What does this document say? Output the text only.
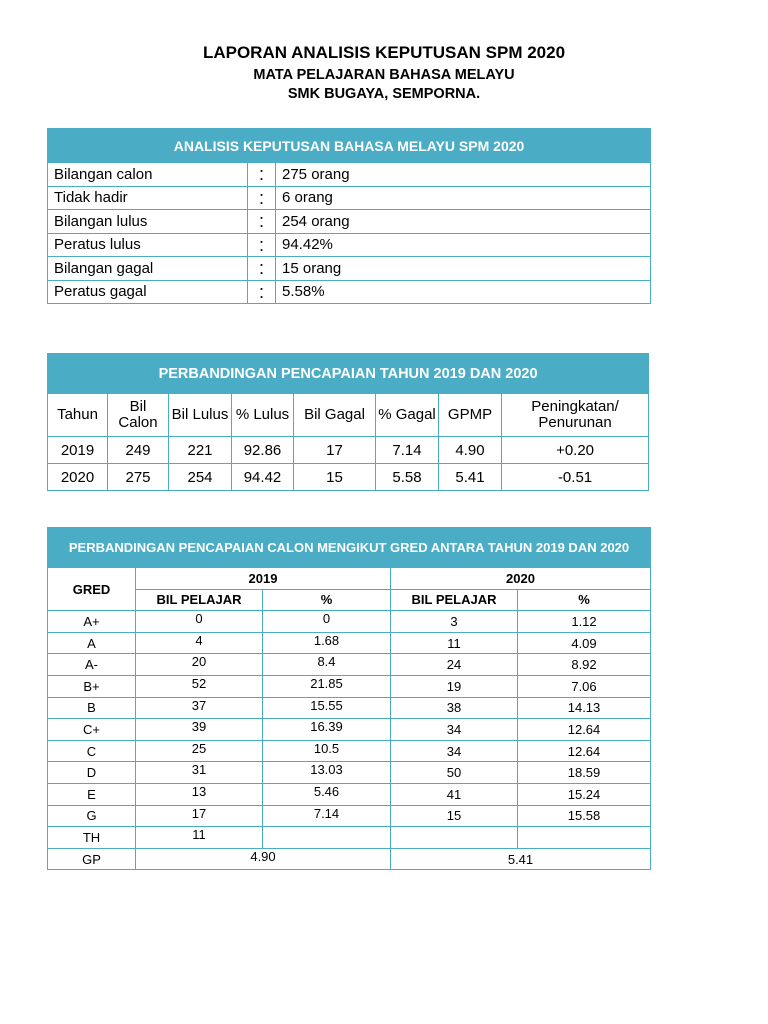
LAPORAN ANALISIS KEPUTUSAN SPM 2020
MATA PELAJARAN BAHASA MELAYU
SMK BUGAYA, SEMPORNA.
ANALISIS KEPUTUSAN BAHASA MELAYU SPM 2020		
Bilangan calon	:	275 orang
Tidak hadir	:	6 orang
Bilangan lulus	:	254 orang
Peratus lulus	:	94.42%
Bilangan gagal	:	15 orang
Peratus gagal	:	5.58%
PERBANDINGAN PENCAPAIAN TAHUN 2019 DAN 2020							
Tahun	Bil Calon	Bil Lulus	% Lulus	Bil Gagal	% Gagal	GPMP	Peningkatan/ Penurunan
2019	249	221	92.86	17	7.14	4.90	+0.20
2020	275	254	94.42	15	5.58	5.41	-0.51
PERBANDINGAN PENCAPAIAN CALON MENGIKUT GRED ANTARA TAHUN 2019 DAN 2020				
GRED	2019		2020	
	BIL PELAJAR	%	BIL PELAJAR	%
A+	0	0	3	1.12
A	4	1.68	11	4.09
A-	20	8.4	24	8.92
B+	52	21.85	19	7.06
B	37	15.55	38	14.13
C+	39	16.39	34	12.64
C	25	10.5	34	12.64
D	31	13.03	50	18.59
E	13	5.46	41	15.24
G	17	7.14	15	15.58
TH	11			
GP	4.90		5.41	
